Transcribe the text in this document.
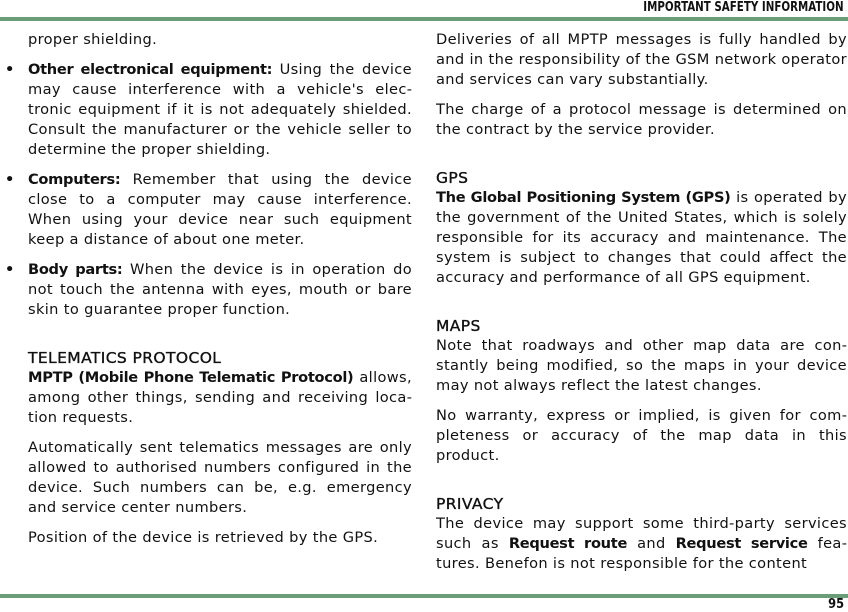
IMPORTANT SAFETY INFORMATION

proper shielding.

• Other electronical equipment: Using the device may cause interference with a vehicle's electronic equipment if it is not adequately shielded. Consult the manufacturer or the vehicle seller to determine the proper shielding.
• Computers: Remember that using the device close to a computer may cause interference. When using your device near such equipment keep a distance of about one meter.
• Body parts: When the device is in operation do not touch the antenna with eyes, mouth or bare skin to guarantee proper function.
TELEMATICS PROTOCOL

MPTP (Mobile Phone Telematic Protocol) allows, among other things, sending and receiving location requests.

Automatically sent telematics messages are only allowed to authorised numbers configured in the device. Such numbers can be, e.g. emergency and service center numbers.

Position of the device is retrieved by the GPS.

Deliveries of all MPTP messages is fully handled by and in the responsibility of the GSM network operator and services can vary substantially.

The charge of a protocol message is determined on the contract by the service provider.

GPS

The Global Positioning System (GPS) is operated by the government of the United States, which is solely responsible for its accuracy and maintenance. The system is subject to changes that could affect the accuracy and performance of all GPS equipment.

MAPS

Note that roadways and other map data are constantly being modified, so the maps in your device may not always reflect the latest changes.

No warranty, express or implied, is given for completeness or accuracy of the map data in this product.

PRIVACY

The device may support some third-party services such as Request route and Request service features. Benefon is not responsible for the content

95
